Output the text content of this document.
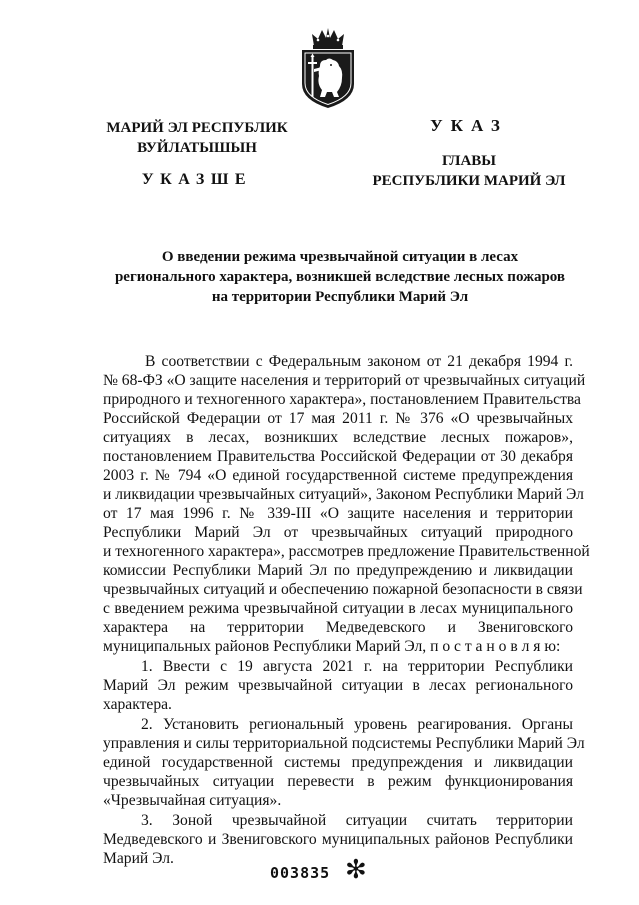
МАРИЙ ЭЛ РЕСПУБЛИК
ВУЙЛАТЫШЫН
УКАЗШЕ
УКАЗ
ГЛАВЫ
РЕСПУБЛИКИ МАРИЙ ЭЛ
О введении режима чрезвычайной ситуации в лесах
регионального характера, возникшей вследствие лесных пожаров
на территории Республики Марий Эл
В соответствии с Федеральным законом от 21 декабря 1994 г.
№ 68-ФЗ «О защите населения и территорий от чрезвычайных ситуаций
природного и техногенного характера», постановлением Правительства
Российской Федерации от 17 мая 2011 г. № 376 «О чрезвычайных
ситуациях в лесах, возникших вследствие лесных пожаров»,
постановлением Правительства Российской Федерации от 30 декабря
2003 г. № 794 «О единой государственной системе предупреждения
и ликвидации чрезвычайных ситуаций», Законом Республики Марий Эл
от 17 мая 1996 г. № 339-III «О защите населения и территории
Республики Марий Эл от чрезвычайных ситуаций природного
и техногенного характера», рассмотрев предложение Правительственной
комиссии Республики Марий Эл по предупреждению и ликвидации
чрезвычайных ситуаций и обеспечению пожарной безопасности в связи
с введением режима чрезвычайной ситуации в лесах муниципального
характера на территории Медведевского и Звениговского
муниципальных районов Республики Марий Эл, п о с т а н о в л я ю:
1. Ввести с 19 августа 2021 г. на территории Республики
Марий Эл режим чрезвычайной ситуации в лесах регионального
характера.
2. Установить региональный уровень реагирования. Органы
управления и силы территориальной подсистемы Республики Марий Эл
единой государственной системы предупреждения и ликвидации
чрезвычайных ситуации перевести в режим функционирования
«Чрезвычайная ситуация».
3. Зоной чрезвычайной ситуации считать территории
Медведевского и Звениговского муниципальных районов Республики
Марий Эл.
003835 ✻
